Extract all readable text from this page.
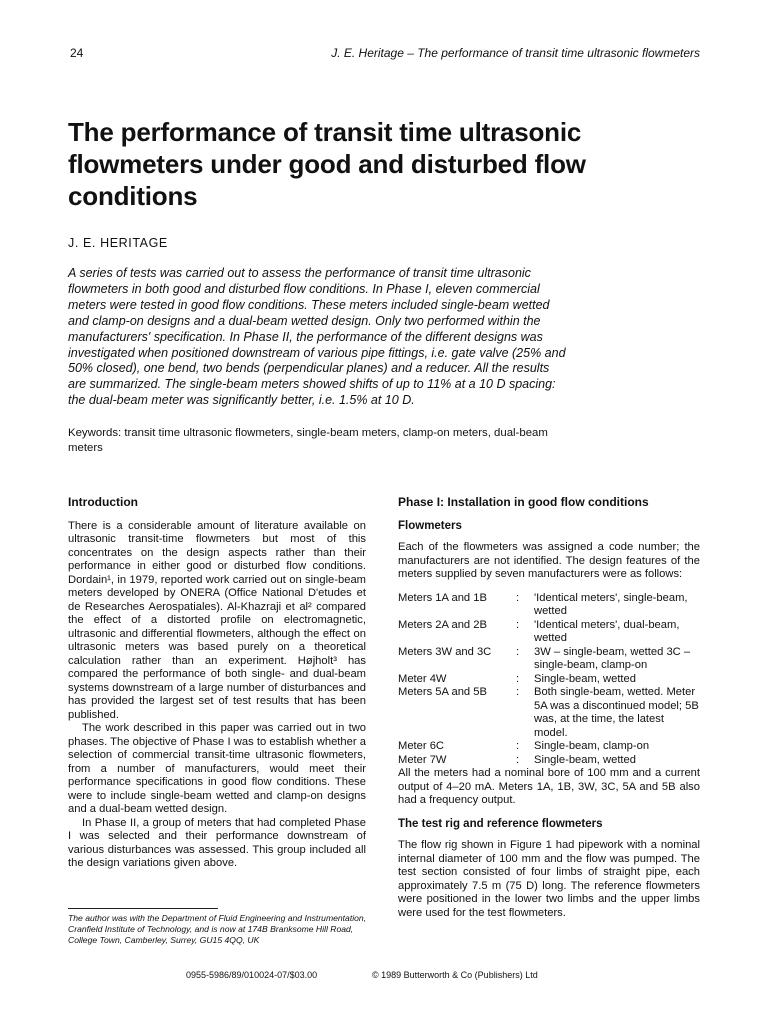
24	J. E. Heritage – The performance of transit time ultrasonic flowmeters
The performance of transit time ultrasonic flowmeters under good and disturbed flow conditions
J. E. HERITAGE

A series of tests was carried out to assess the performance of transit time ultrasonic flowmeters in both good and disturbed flow conditions. In Phase I, eleven commercial meters were tested in good flow conditions. These meters included single-beam wetted and clamp-on designs and a dual-beam wetted design. Only two performed within the manufacturers' specification. In Phase II, the performance of the different designs was investigated when positioned downstream of various pipe fittings, i.e. gate valve (25% and 50% closed), one bend, two bends (perpendicular planes) and a reducer. All the results are summarized. The single-beam meters showed shifts of up to 11% at a 10 D spacing: the dual-beam meter was significantly better, i.e. 1.5% at 10 D.

Keywords: transit time ultrasonic flowmeters, single-beam meters, clamp-on meters, dual-beam meters

Introduction

There is a considerable amount of literature available on ultrasonic transit-time flowmeters but most of this concentrates on the design aspects rather than their performance in either good or disturbed flow conditions. Dordain¹, in 1979, reported work carried out on single-beam meters developed by ONERA (Office National D'etudes et de Researches Aerospatiales). Al-Khazraji et al² compared the effect of a distorted profile on electromagnetic, ultrasonic and differential flowmeters, although the effect on ultrasonic meters was based purely on a theoretical calculation rather than an experiment. Højholt³ has compared the performance of both single- and dual-beam systems downstream of a large number of disturbances and has provided the largest set of test results that has been published.

The work described in this paper was carried out in two phases. The objective of Phase I was to establish whether a selection of commercial transit-time ultrasonic flowmeters, from a number of manufacturers, would meet their performance specifications in good flow conditions. These were to include single-beam wetted and clamp-on designs and a dual-beam wetted design.

In Phase II, a group of meters that had completed Phase I was selected and their performance downstream of various disturbances was assessed. This group included all the design variations given above.

Phase I: Installation in good flow conditions
Flowmeters

Each of the flowmeters was assigned a code number; the manufacturers are not identified. The design features of the meters supplied by seven manufacturers were as follows:

Meters 1A and 1B	:	'Identical meters', single-beam, wetted
Meters 2A and 2B	:	'Identical meters', dual-beam, wetted
Meters 3W and 3C	:	3W – single-beam, wetted 3C – single-beam, clamp-on
Meter 4W	:	Single-beam, wetted
Meters 5A and 5B	:	Both single-beam, wetted. Meter 5A was a discontinued model; 5B was, at the time, the latest model.
Meter 6C	:	Single-beam, clamp-on
Meter 7W	:	Single-beam, wetted

All the meters had a nominal bore of 100 mm and a current output of 4–20 mA. Meters 1A, 1B, 3W, 3C, 5A and 5B also had a frequency output.

The test rig and reference flowmeters

The flow rig shown in Figure 1 had pipework with a nominal internal diameter of 100 mm and the flow was pumped. The test section consisted of four limbs of straight pipe, each approximately 7.5 m (75 D) long. The reference flowmeters were positioned in the lower two limbs and the upper limbs were used for the test flowmeters.

The author was with the Department of Fluid Engineering and Instrumentation, Cranfield Institute of Technology, and is now at 174B Branksome Hill Road, College Town, Camberley, Surrey, GU15 4QQ, UK

0955-5986/89/010024-07/$03.00	© 1989 Butterworth & Co (Publishers) Ltd
